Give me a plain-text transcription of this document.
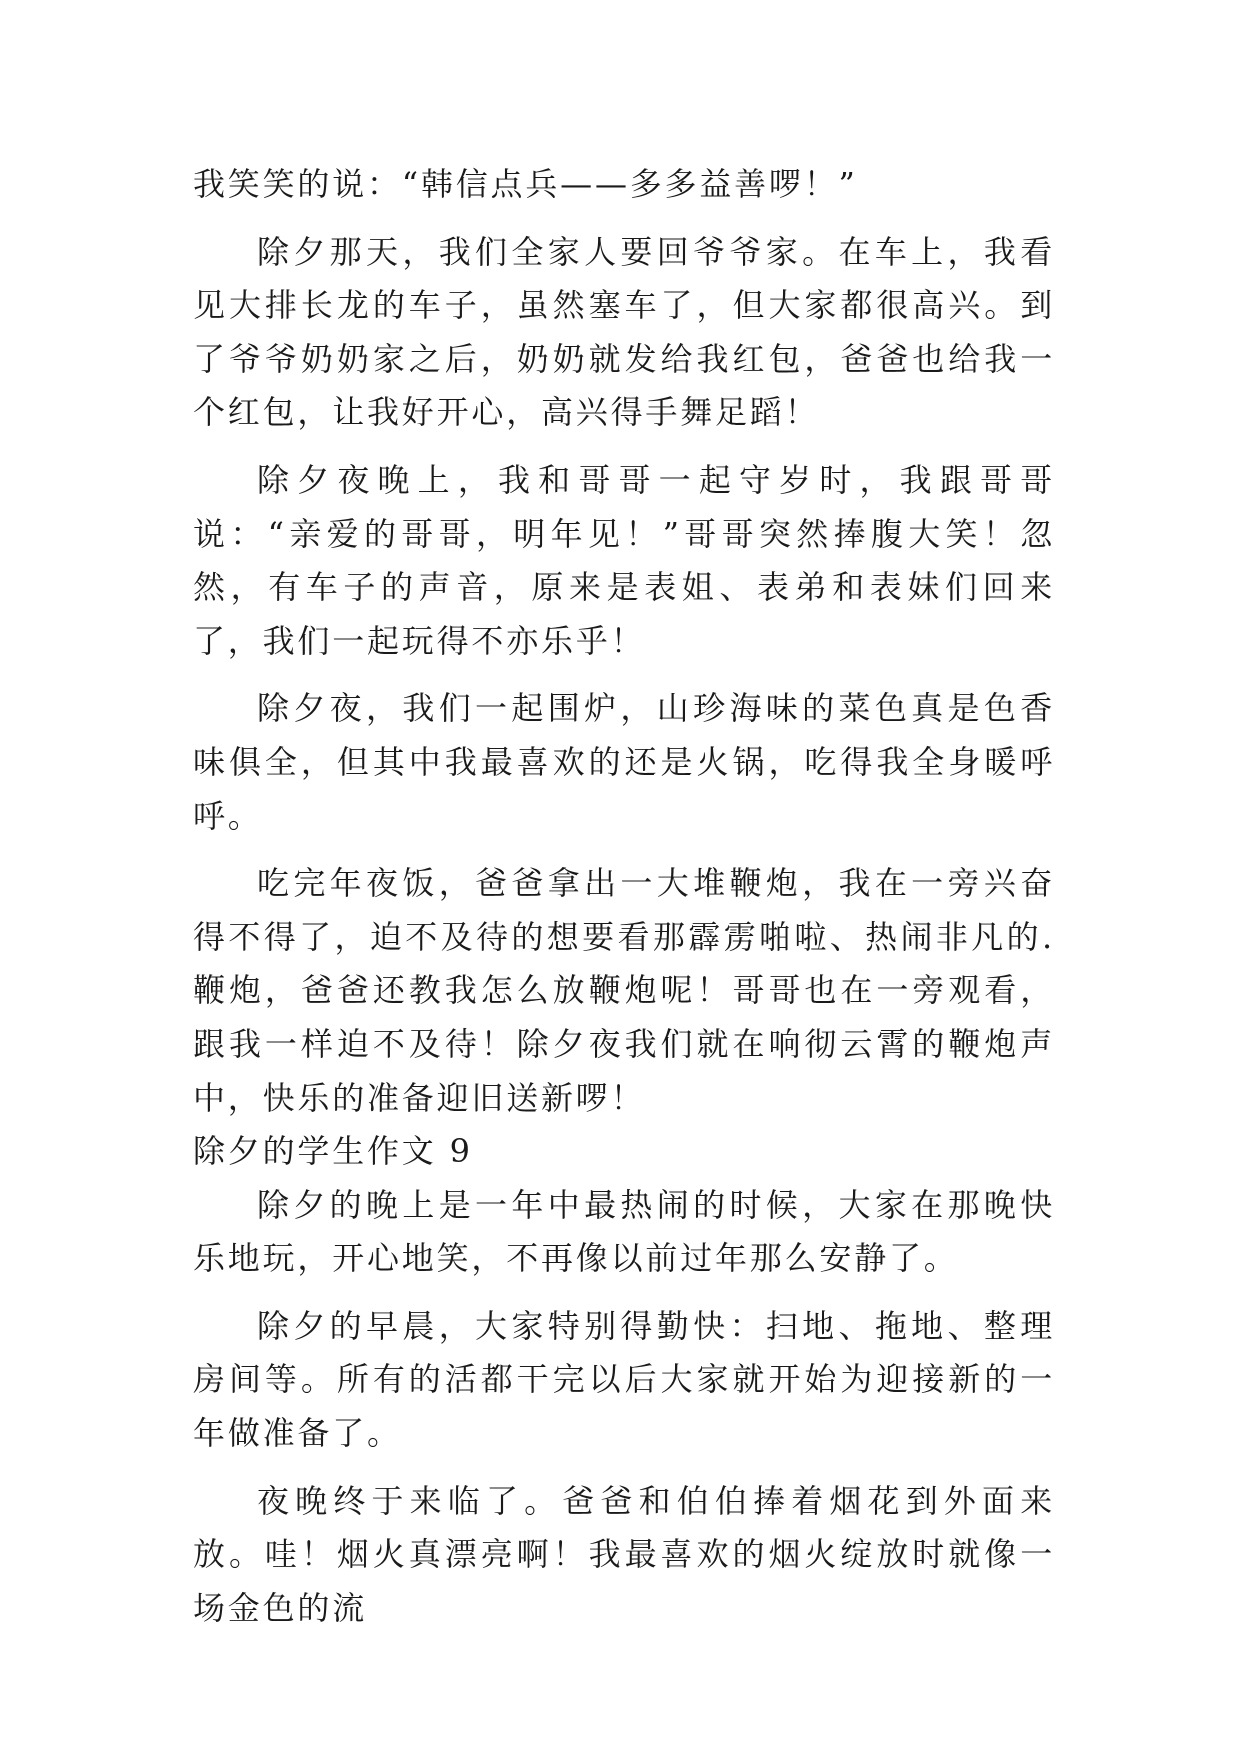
我笑笑的说：“韩信点兵——多多益善啰！”

除夕那天，我们全家人要回爷爷家。在车上，我看见大排长龙的车子，虽然塞车了，但大家都很高兴。到了爷爷奶奶家之后，奶奶就发给我红包，爸爸也给我一个红包，让我好开心，高兴得手舞足蹈！

除夕夜晚上，我和哥哥一起守岁时，我跟哥哥说：“亲爱的哥哥，明年见！”哥哥突然捧腹大笑！忽然，有车子的声音，原来是表姐、表弟和表妹们回来了，我们一起玩得不亦乐乎！

除夕夜，我们一起围炉，山珍海味的菜色真是色香味俱全，但其中我最喜欢的还是火锅，吃得我全身暖呼呼。

吃完年夜饭，爸爸拿出一大堆鞭炮，我在一旁兴奋得不得了，迫不及待的想要看那霹雳啪啦、热闹非凡的.鞭炮，爸爸还教我怎么放鞭炮呢！哥哥也在一旁观看，跟我一样迫不及待！除夕夜我们就在响彻云霄的鞭炮声中，快乐的准备迎旧送新啰！

除夕的学生作文 9

除夕的晚上是一年中最热闹的时候，大家在那晚快乐地玩，开心地笑，不再像以前过年那么安静了。

除夕的早晨，大家特别得勤快：扫地、拖地、整理房间等。所有的活都干完以后大家就开始为迎接新的一年做准备了。

夜晚终于来临了。爸爸和伯伯捧着烟花到外面来放。哇！烟火真漂亮啊！我最喜欢的烟火绽放时就像一场金色的流
